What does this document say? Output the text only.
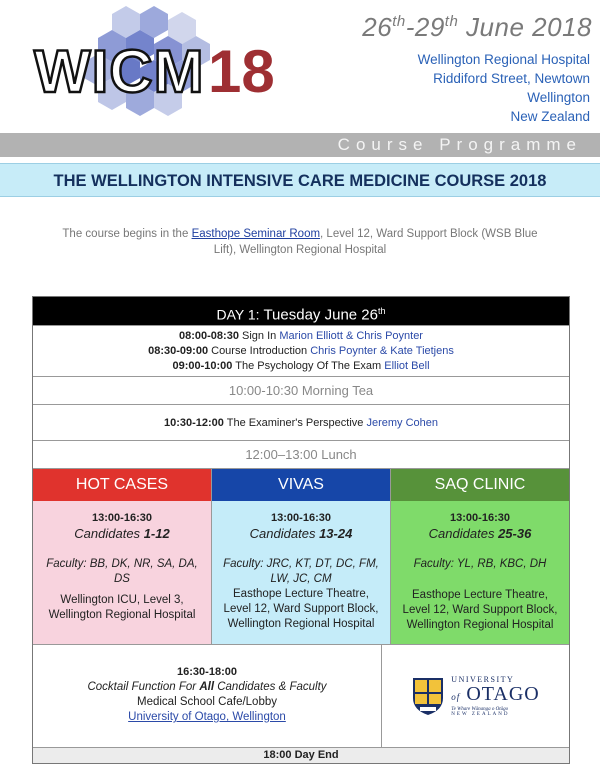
WICM 18
26th-29th June 2018
Wellington Regional Hospital
Riddiford Street, Newtown
Wellington
New Zealand
Course Programme
THE WELLINGTON INTENSIVE CARE MEDICINE COURSE 2018
The course begins in the Easthope Seminar Room, Level 12, Ward Support Block (WSB Blue Lift), Wellington Regional Hospital
DAY 1: Tuesday June 26th
08:00-08:30 Sign In Marion Elliott & Chris Poynter
08:30-09:00 Course Introduction Chris Poynter & Kate Tietjens
09:00-10:00 The Psychology Of The Exam Elliot Bell
10:00-10:30 Morning Tea
10:30-12:00 The Examiner's Perspective Jeremy Cohen
12:00–13:00 Lunch
HOT CASES
13:00-16:30
Candidates 1-12
Faculty: BB, DK, NR, SA, DA, DS
Wellington ICU, Level 3, Wellington Regional Hospital
VIVAS
13:00-16:30
Candidates 13-24
Faculty: JRC, KT, DT, DC, FM, LW, JC, CM
Easthope Lecture Theatre, Level 12, Ward Support Block, Wellington Regional Hospital
SAQ CLINIC
13:00-16:30
Candidates 25-36
Faculty: YL, RB, KBC, DH
Easthope Lecture Theatre, Level 12, Ward Support Block, Wellington Regional Hospital
16:30-18:00
Cocktail Function For All Candidates & Faculty
Medical School Cafe/Lobby
University of Otago, Wellington
UNIVERSITY
of OTAGO
Te Whare Wānanga o Otāgo
NEW ZEALAND
18:00 Day End
